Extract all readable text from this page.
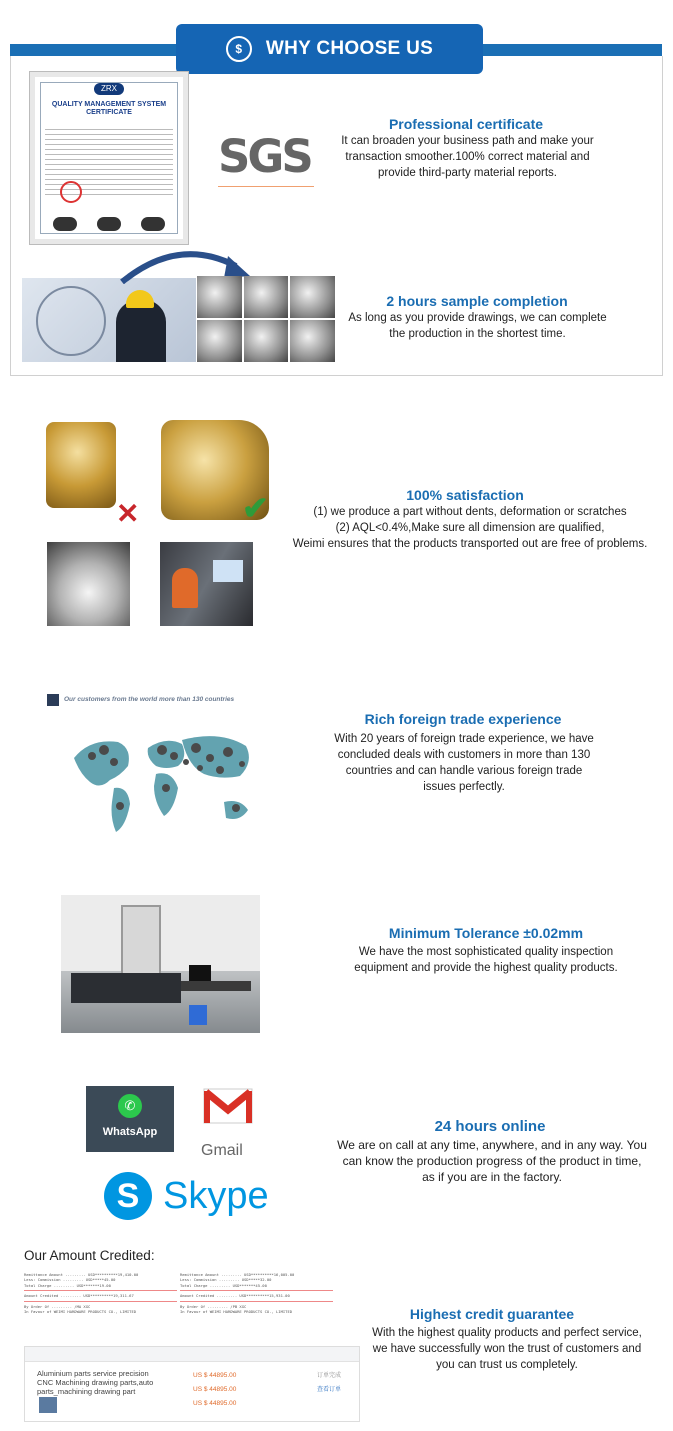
$	WHY CHOOSE US
ZRX
QUALITY MANAGEMENT SYSTEM CERTIFICATE
SGS
Professional certificate
It can broaden your business path and make your transaction smoother.100% correct material and provide third-party material reports.
2 hours sample completion
As long as you provide drawings, we can complete the production in the shortest time.
✕	✔	100% satisfaction
(1) we produce a part without dents, deformation or scratches
(2) AQL<0.4%,Make sure all dimension are qualified,
Weimi ensures that the products transported out are free of problems.
Our customers from the world more than 130 countries
Rich foreign trade experience
With 20 years of foreign trade experience, we have concluded deals with customers in more than 130 countries and can handle various foreign trade issues perfectly.
Minimum Tolerance ±0.02mm
We have the most sophisticated quality inspection equipment and provide the highest quality products.
✆
WhatsApp
Gmail
S Skype
24 hours online
We are on call at any time, anywhere, and in any way. You can know the production progress of the product in time, as if you are in the factory.
Our Amount Credited:
Remittance Amount ......... USD**********19,410.00
Less: Commission ......... USD*****45.00
Total Charge ......... USD*******19.00
Amount Credited ......... USD**********19,311.67
By Order Of ......... /MA XGC
In Favour of WEIMI HARDWARE PRODUCTS CO., LIMITED
Remittance Amount ......... USD**********16,005.00
Less: Commission ......... USD*****32.00
Total Charge ......... USD*******45.00
Amount Credited ......... USD**********15,931.00
By Order Of ......... /PB XGC
In Favour of WEIMI HARDWARE PRODUCTS CO., LIMITED
Aluminium parts service precision CNC Machining drawing parts,auto parts_machining drawing part
US $ 44895.00
US $ 44895.00
US $ 44895.00
订单完成
查看订单
Highest credit guarantee
With the highest quality products and perfect service, we have successfully won the trust of customers and you can trust us completely.
